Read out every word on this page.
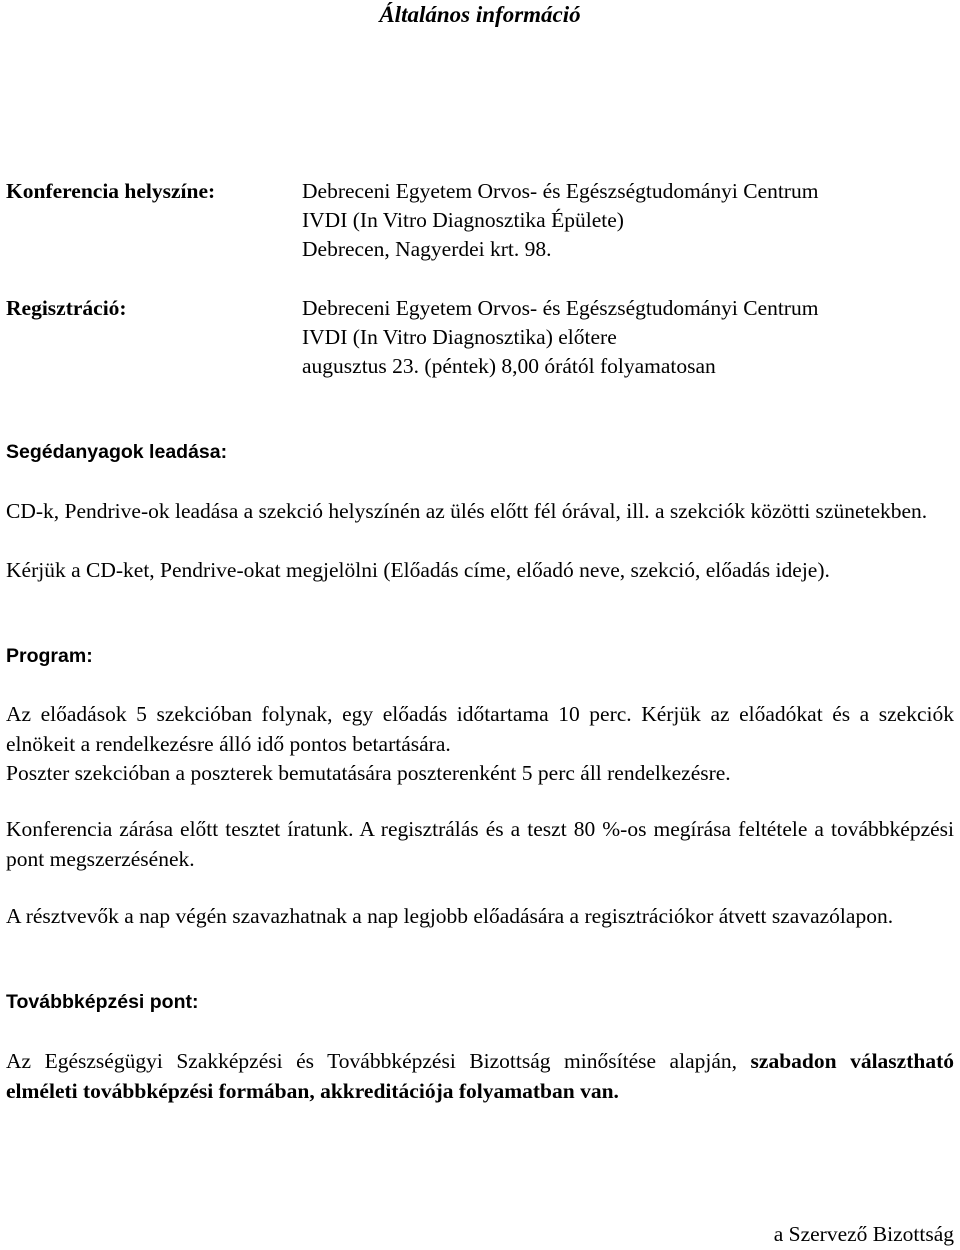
Általános információ
Konferencia helyszíne:	Debreceni Egyetem Orvos- és Egészségtudományi Centrum
IVDI (In Vitro Diagnosztika Épülete)
Debrecen, Nagyerdei krt. 98.
Regisztráció:	Debreceni Egyetem Orvos- és Egészségtudományi Centrum
IVDI (In Vitro Diagnosztika) előtere
augusztus 23. (péntek) 8,00 órától folyamatosan
Segédanyagok leadása:
CD-k, Pendrive-ok leadása a szekció helyszínén az ülés előtt fél órával, ill. a szekciók közötti szünetekben.
Kérjük a CD-ket, Pendrive-okat megjelölni (Előadás címe, előadó neve, szekció, előadás ideje).
Program:
Az előadások 5 szekcióban folynak, egy előadás időtartama 10 perc. Kérjük az előadókat és a szekciók elnökeit a rendelkezésre álló idő pontos betartására.
Poszter szekcióban a poszterek bemutatására poszterenként 5 perc áll rendelkezésre.
Konferencia zárása előtt tesztet íratunk. A regisztrálás és a teszt 80 %-os megírása feltétele a továbbképzési pont megszerzésének.
A résztvevők a nap végén szavazhatnak a nap legjobb előadására a regisztrációkor átvett szavazólapon.
Továbbképzési pont:
Az Egészségügyi Szakképzési és Továbbképzési Bizottság minősítése alapján, szabadon választható elméleti továbbképzési formában, akkreditációja folyamatban van.
a Szervező Bizottság
